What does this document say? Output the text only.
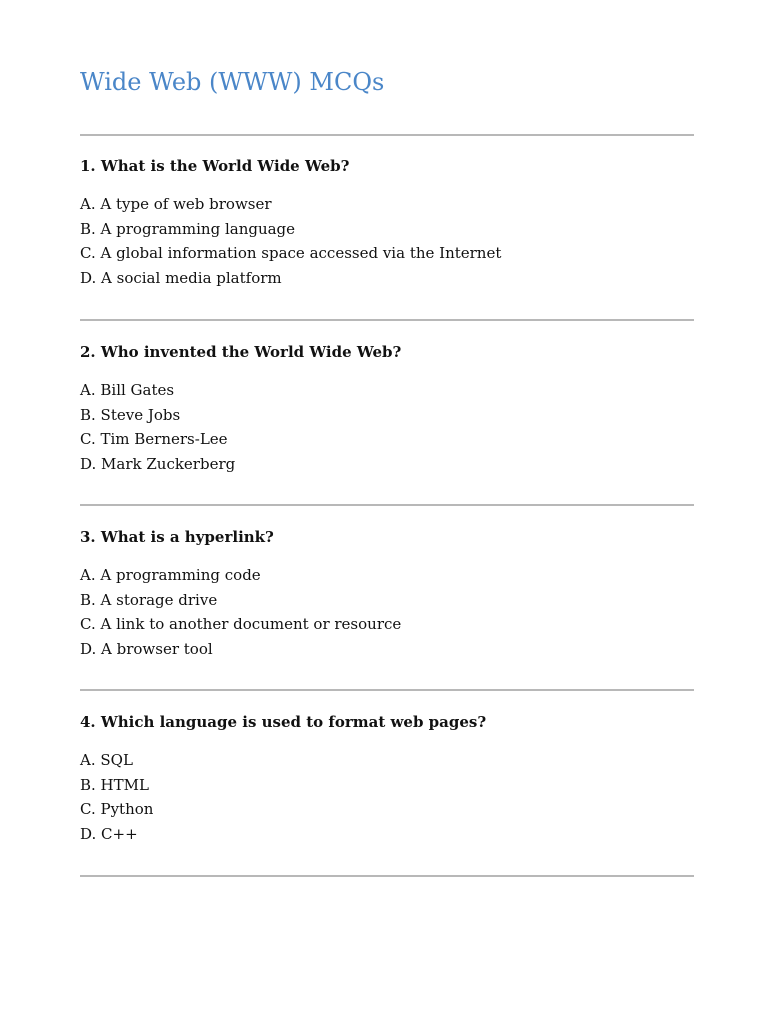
Wide Web (WWW) MCQs

1. What is the World Wide Web?

A. A type of web browser
B. A programming language
C. A global information space accessed via the Internet
D. A social media platform

2. Who invented the World Wide Web?

A. Bill Gates
B. Steve Jobs
C. Tim Berners-Lee
D. Mark Zuckerberg

3. What is a hyperlink?

A. A programming code
B. A storage drive
C. A link to another document or resource
D. A browser tool

4. Which language is used to format web pages?

A. SQL
B. HTML
C. Python
D. C++
